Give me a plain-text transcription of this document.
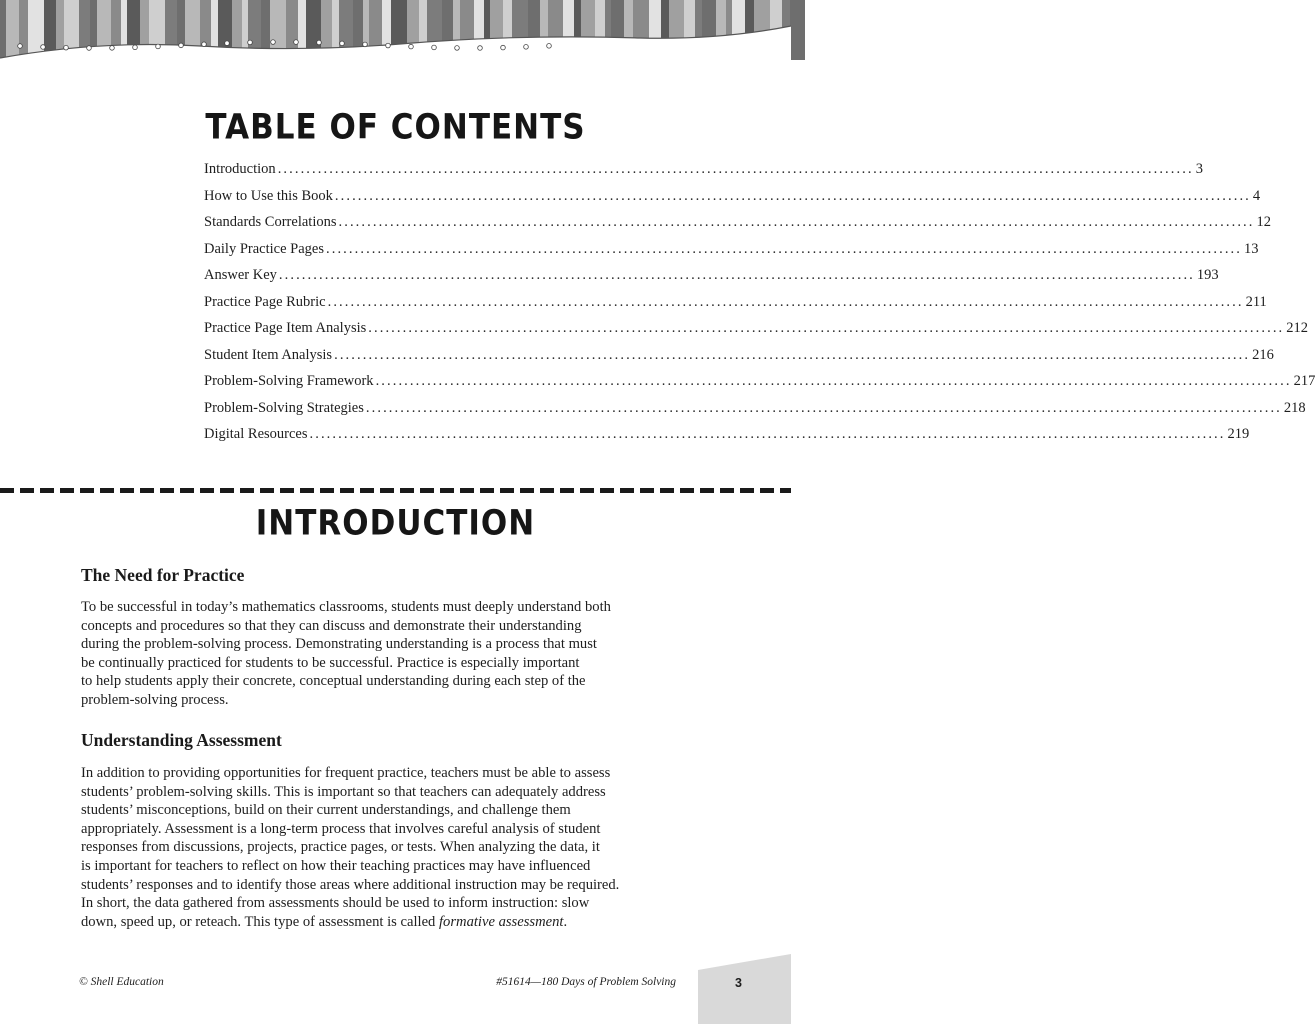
TABLE OF CONTENTS
Introduction ................................................................................................................................................................ 3
How to Use this Book ................................................................................................................................................................ 4
Standards Correlations ................................................................................................................................................................ 12
Daily Practice Pages ................................................................................................................................................................ 13
Answer Key ................................................................................................................................................................ 193
Practice Page Rubric ................................................................................................................................................................ 211
Practice Page Item Analysis ................................................................................................................................................................ 212
Student Item Analysis ................................................................................................................................................................ 216
Problem-Solving Framework ................................................................................................................................................................ 217
Problem-Solving Strategies ................................................................................................................................................................ 218
Digital Resources ................................................................................................................................................................ 219
INTRODUCTION
The Need for Practice

To be successful in today’s mathematics classrooms, students must deeply understand both
concepts and procedures so that they can discuss and demonstrate their understanding
during the problem-solving process. Demonstrating understanding is a process that must
be continually practiced for students to be successful. Practice is especially important
to help students apply their concrete, conceptual understanding during each step of the
problem-solving process.

Understanding Assessment

In addition to providing opportunities for frequent practice, teachers must be able to assess
students’ problem-solving skills. This is important so that teachers can adequately address
students’ misconceptions, build on their current understandings, and challenge them
appropriately. Assessment is a long-term process that involves careful analysis of student
responses from discussions, projects, practice pages, or tests. When analyzing the data, it
is important for teachers to reflect on how their teaching practices may have influenced
students’ responses and to identify those areas where additional instruction may be required.
In short, the data gathered from assessments should be used to inform instruction: slow
down, speed up, or reteach. This type of assessment is called formative assessment.

© Shell Education	#51614—180 Days of Problem Solving	3
